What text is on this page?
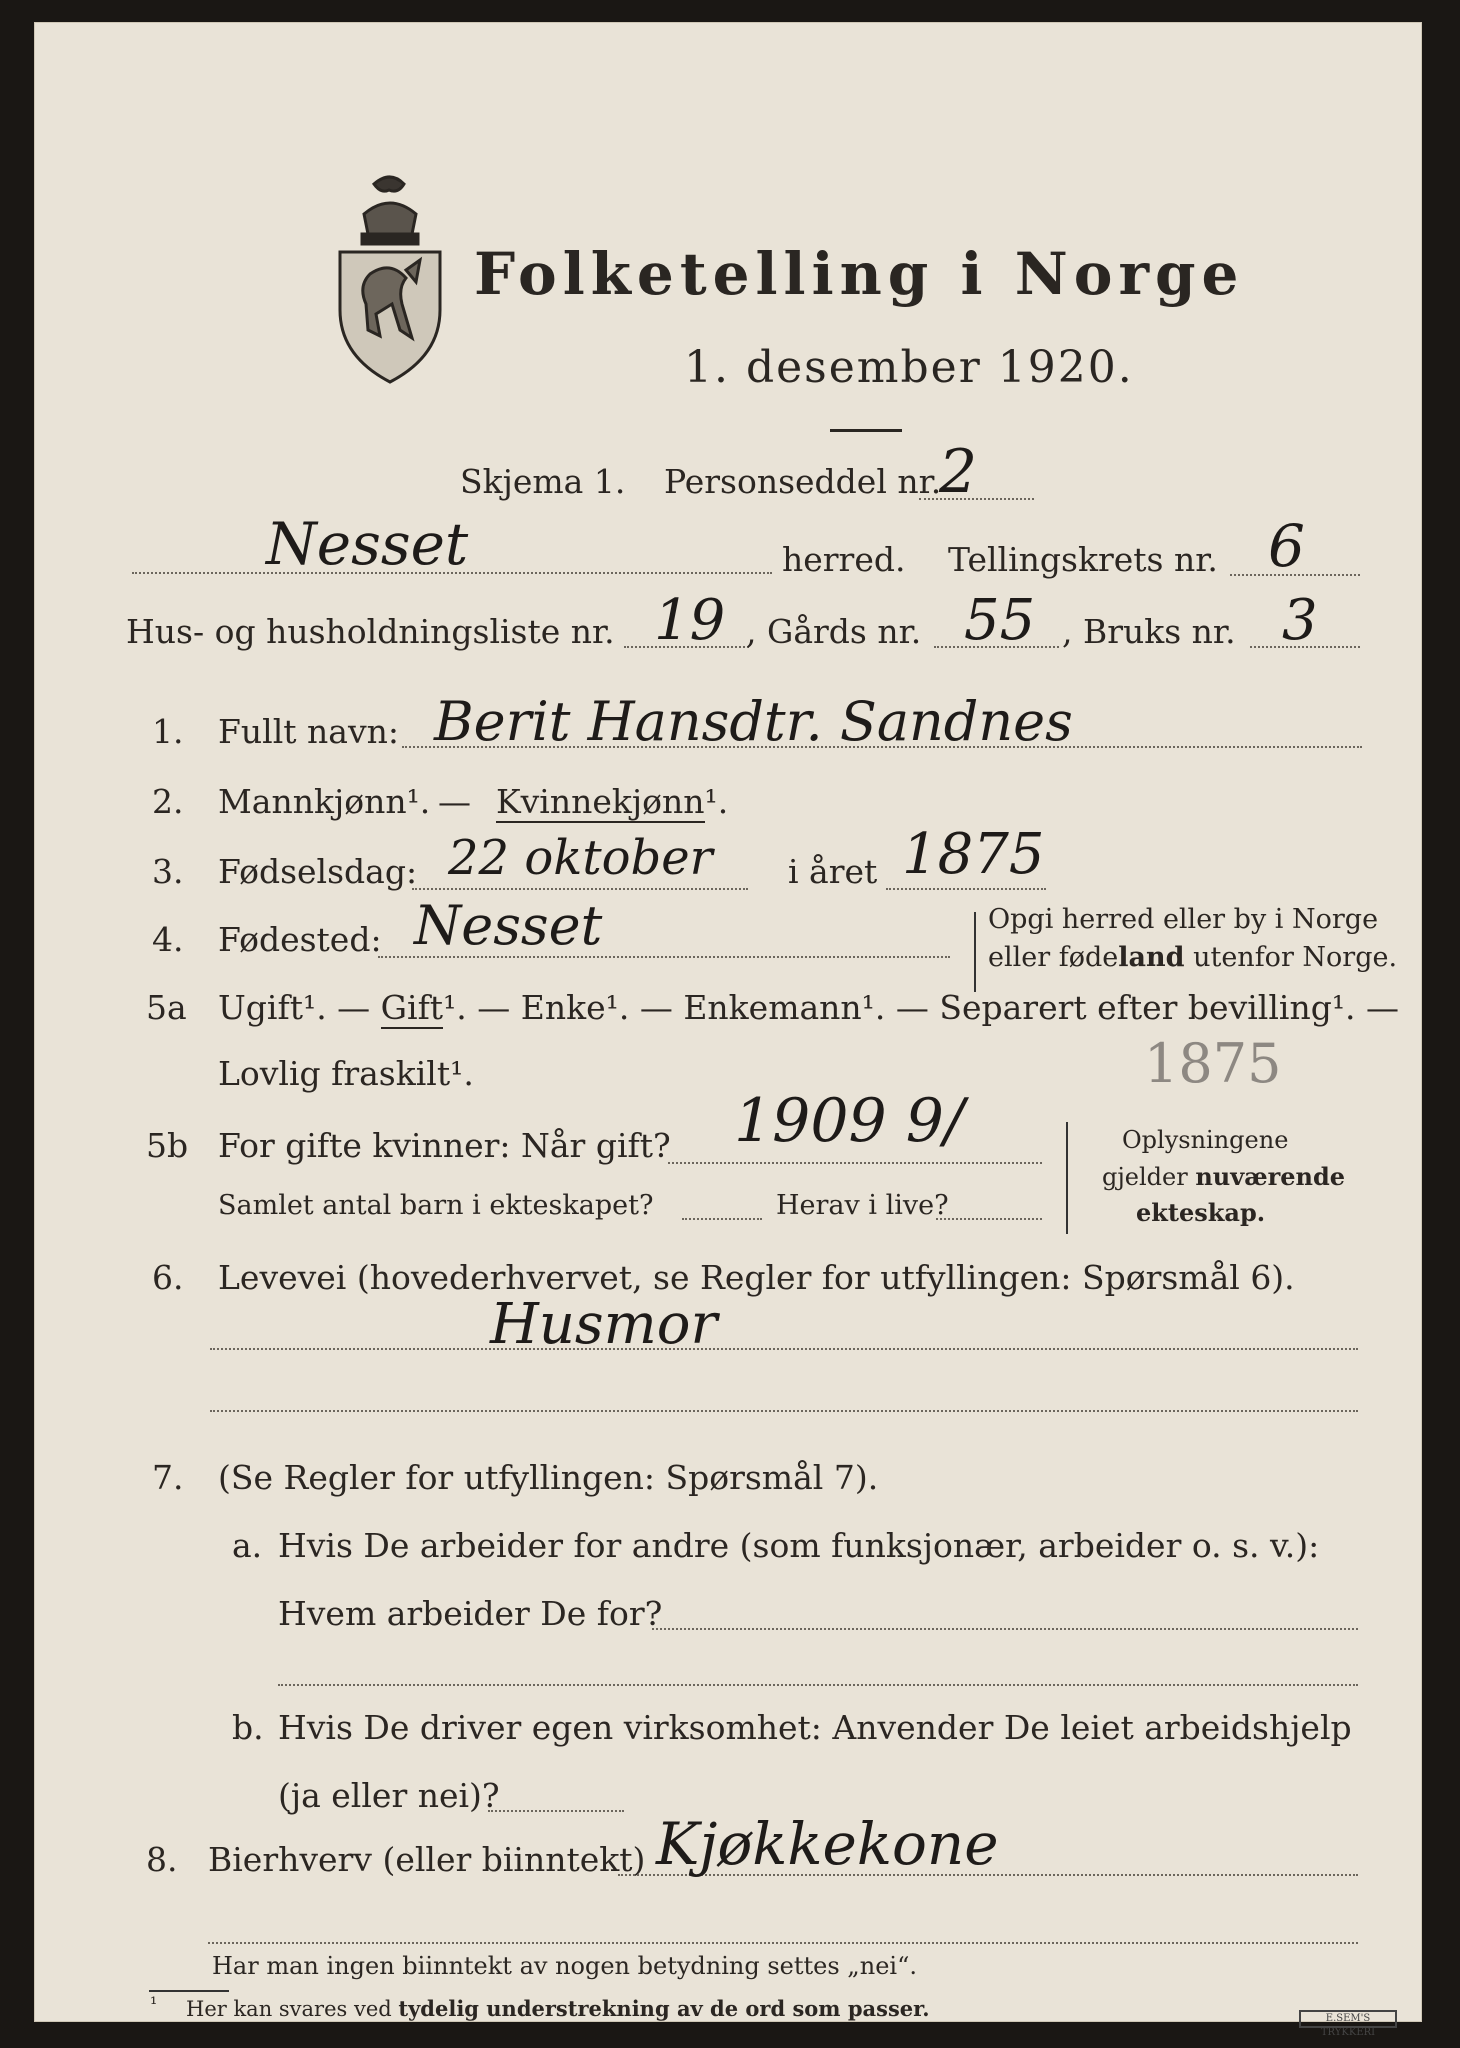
Folketelling i Norge
1. desember 1920.
Skjema 1. Personseddel nr.
2
Nesset	herred. Tellingskrets nr. 6
Hus- og husholdningsliste nr. 19 , Gårds nr. 55 , Bruks nr. 3
1. Fullt navn: Berit Hansdtr. Sandnes
2. Mannkjønn¹. — Kvinnekjønn¹.
3. Fødselsdag: 22 oktober i året 1875
4. Fødested: Nesset	Opgi herred eller by i Norge
eller fødeland utenfor Norge.
5a Ugift¹. — Gift¹. — Enke¹. — Enkemann¹. — Separert efter bevilling¹. —
Lovlig fraskilt¹.	1875
5b For gifte kvinner: Når gift? 1909 9/
Samlet antal barn i ekteskapet?	Herav i live?
Oplysningene
gjelder nuværende
ekteskap.
6. Levevei (hovederhvervet, se Regler for utfyllingen: Spørsmål 6).
Husmor
7. (Se Regler for utfyllingen: Spørsmål 7).
a. Hvis De arbeider for andre (som funksjonær, arbeider o. s. v.):
Hvem arbeider De for?
b. Hvis De driver egen virksomhet: Anvender De leiet arbeidshjelp
(ja eller nei)?
8. Bierhverv (eller biinntekt) Kjøkkekone
Har man ingen biinntekt av nogen betydning settes „nei“.
¹ Her kan svares ved tydelig understrekning av de ord som passer.	E.SEM'S TRYKKERI
